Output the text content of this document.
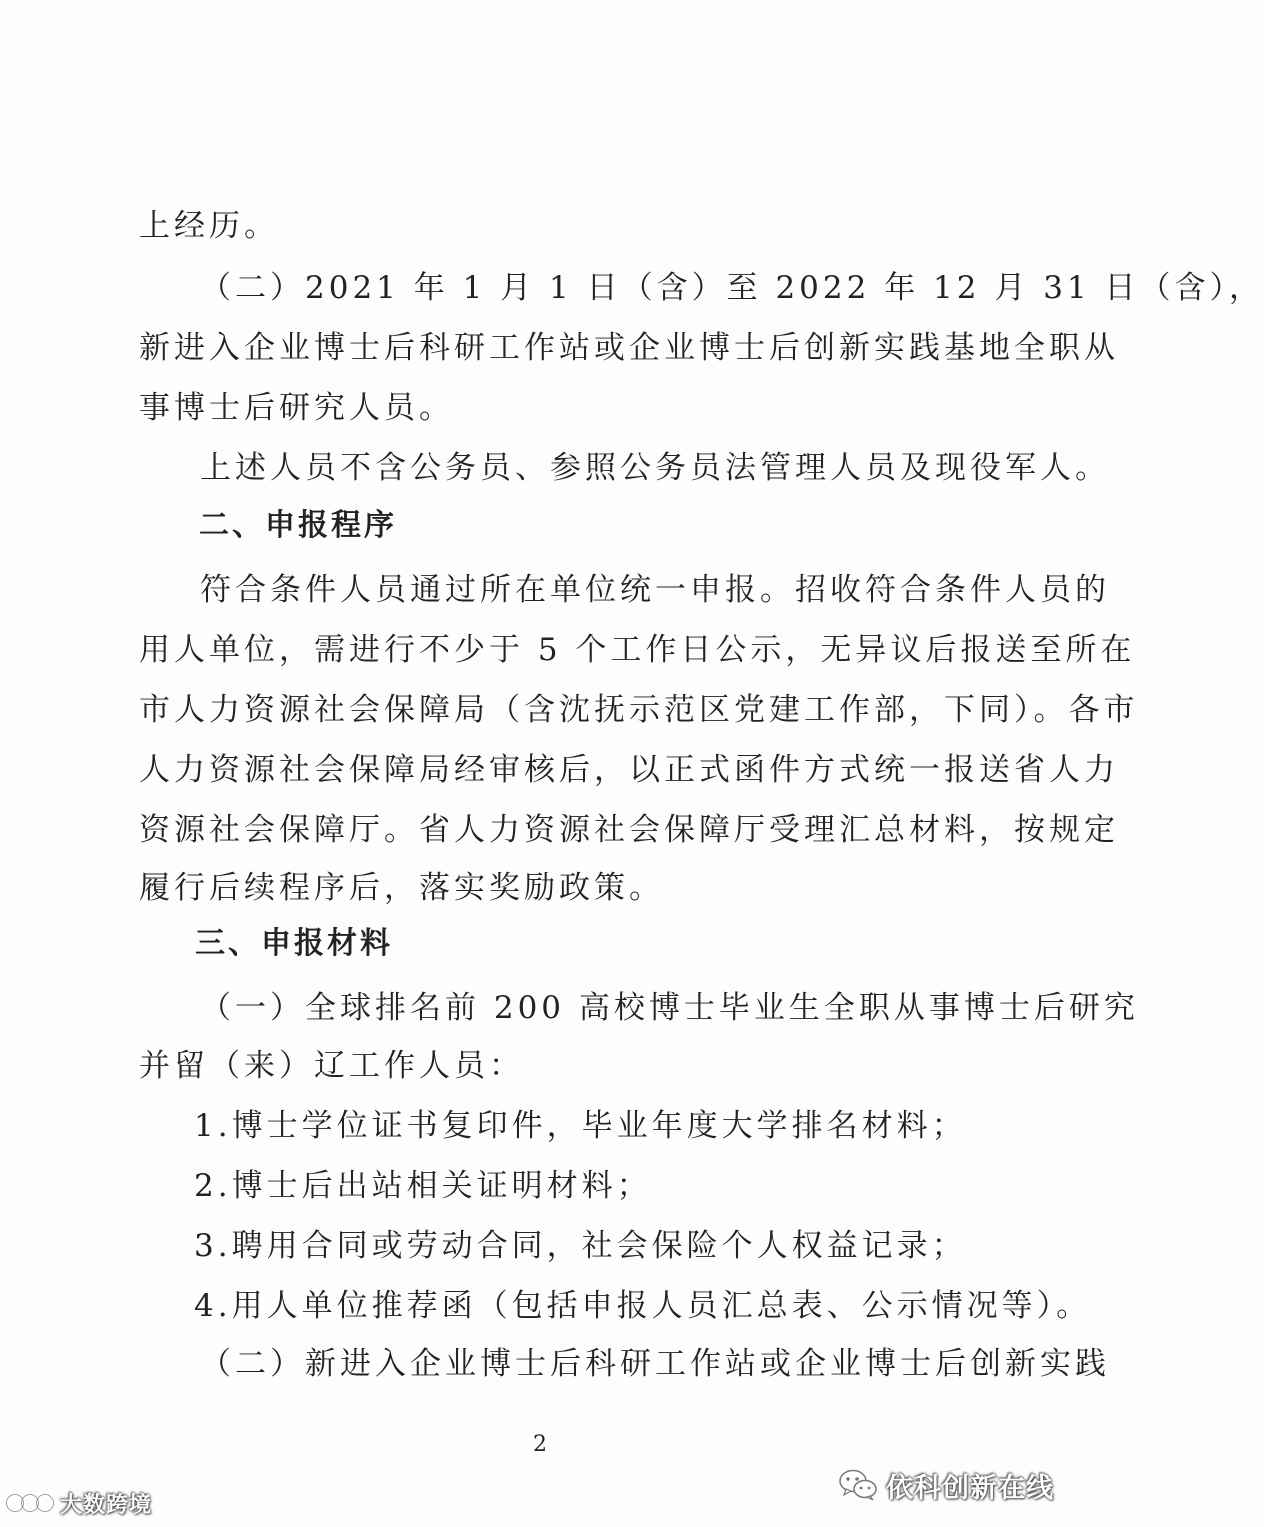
上经历。
（二）2021 年 1 月 1 日（含）至 2022 年 12 月 31 日（含），
新进入企业博士后科研工作站或企业博士后创新实践基地全职从
事博士后研究人员。
上述人员不含公务员、参照公务员法管理人员及现役军人。
二、申报程序
符合条件人员通过所在单位统一申报。招收符合条件人员的
用人单位，需进行不少于 5 个工作日公示，无异议后报送至所在
市人力资源社会保障局（含沈抚示范区党建工作部，下同）。各市
人力资源社会保障局经审核后，以正式函件方式统一报送省人力
资源社会保障厅。省人力资源社会保障厅受理汇总材料，按规定
履行后续程序后，落实奖励政策。
三、申报材料
（一）全球排名前 200 高校博士毕业生全职从事博士后研究
并留（来）辽工作人员：
1.博士学位证书复印件，毕业年度大学排名材料；
2.博士后出站相关证明材料；
3.聘用合同或劳动合同，社会保险个人权益记录；
4.用人单位推荐函（包括申报人员汇总表、公示情况等）。
（二）新进入企业博士后科研工作站或企业博士后创新实践
2
大数跨境
依科创新在线
